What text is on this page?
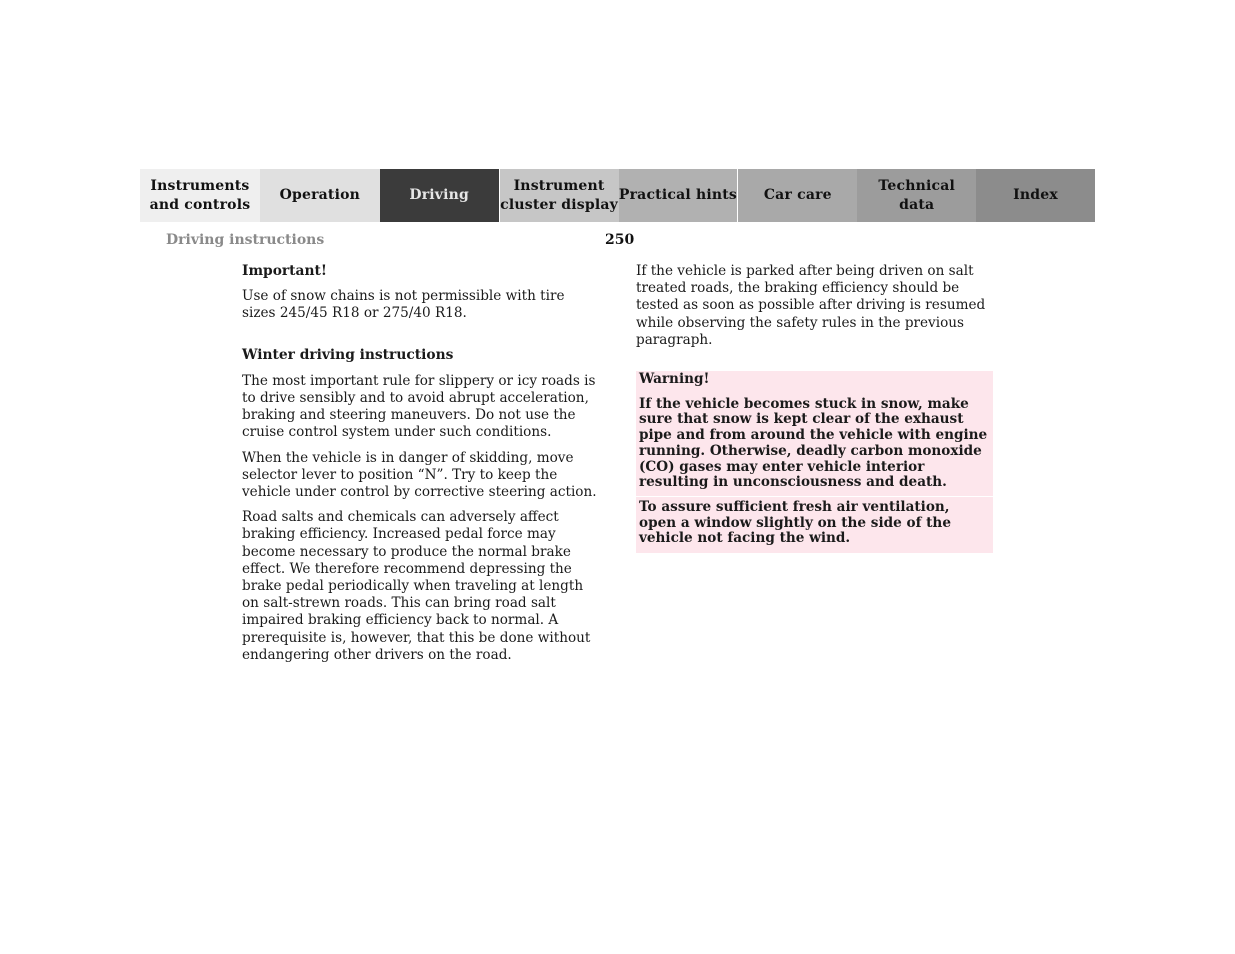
Instruments
and controls
Operation	Driving
Instrument
cluster display
Practical hints	Car care
Technical
data
Index
Driving instructions	250
Important!

Use of snow chains is not permissible with tire sizes 245/45 R18 or 275/40 R18.

Winter driving instructions

The most important rule for slippery or icy roads is to drive sensibly and to avoid abrupt acceleration, braking and steering maneuvers. Do not use the cruise control system under such conditions.

When the vehicle is in danger of skidding, move selector lever to position “N”. Try to keep the vehicle under control by corrective steering action.

Road salts and chemicals can adversely affect braking efficiency. Increased pedal force may become necessary to produce the normal brake effect. We therefore recommend depressing the brake pedal periodically when traveling at length on salt-strewn roads. This can bring road salt impaired braking efficiency back to normal. A prerequisite is, however, that this be done without endangering other drivers on the road.

If the vehicle is parked after being driven on salt treated roads, the braking efficiency should be tested as soon as possible after driving is resumed while observing the safety rules in the previous paragraph.

Warning!
If the vehicle becomes stuck in snow, make sure that snow is kept clear of the exhaust pipe and from around the vehicle with engine running. Otherwise, deadly carbon monoxide (CO) gases may enter vehicle interior resulting in unconsciousness and death.
To assure sufficient fresh air ventilation, open a window slightly on the side of the vehicle not facing the wind.
